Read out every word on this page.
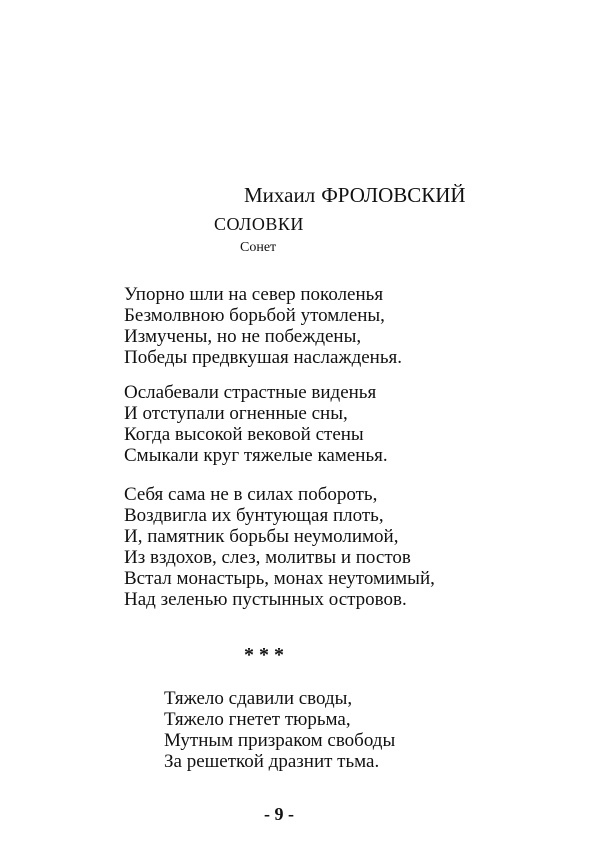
Михаил ФРОЛОВСКИЙ
СОЛОВКИ
Сонет
Упорно шли на север поколенья
Безмолвною борьбой утомлены,
Измучены, но не побеждены,
Победы предвкушая наслажденья.
Ослабевали страстные виденья
И отступали огненные сны,
Когда высокой вековой стены
Смыкали круг тяжелые каменья.
Себя сама не в силах побороть,
Воздвигла их бунтующая плоть,
И, памятник борьбы неумолимой,
Из вздохов, слез, молитвы и постов
Встал монастырь, монах неутомимый,
Над зеленью пустынных островов.
***
Тяжело сдавили своды,
Тяжело гнетет тюрьма,
Мутным призраком свободы
За решеткой дразнит тьма.
- 9 -
